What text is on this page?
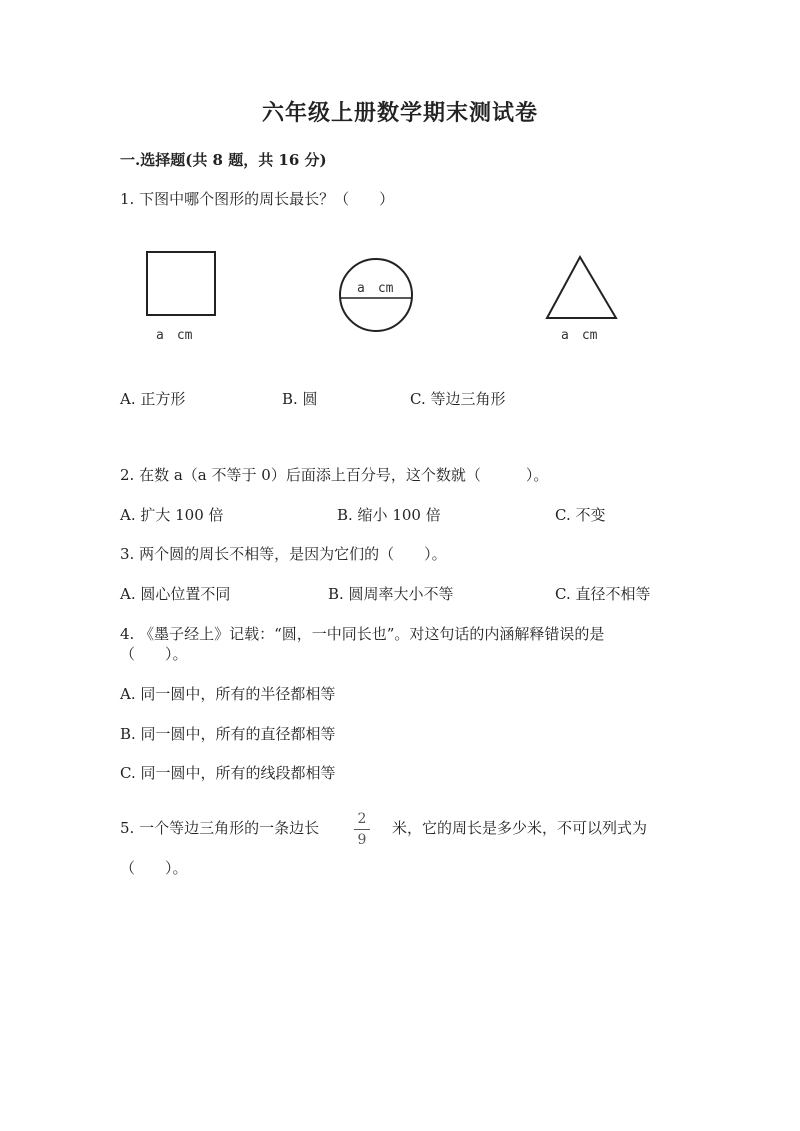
六年级上册数学期末测试卷
一.选择题(共 8 题，共 16 分)
1. 下图中哪个图形的周长最长？（　　）
a　cm
a　cm
a　cm
A. 正方形	B. 圆	C. 等边三角形
2. 在数 a（a 不等于 0）后面添上百分号，这个数就（　　　）。
A. 扩大 100 倍	B. 缩小 100 倍	C. 不变
3. 两个圆的周长不相等，是因为它们的（　　）。
A. 圆心位置不同	B. 圆周率大小不等	C. 直径不相等
4. 《墨子经上》记载：“圆，一中同长也”。对这句话的内涵解释错误的是
（　　）。
A. 同一圆中，所有的半径都相等
B. 同一圆中，所有的直径都相等
C. 同一圆中，所有的线段都相等
5. 一个等边三角形的一条边长	2
9
米，它的周长是多少米，不可以列式为
（　　）。
